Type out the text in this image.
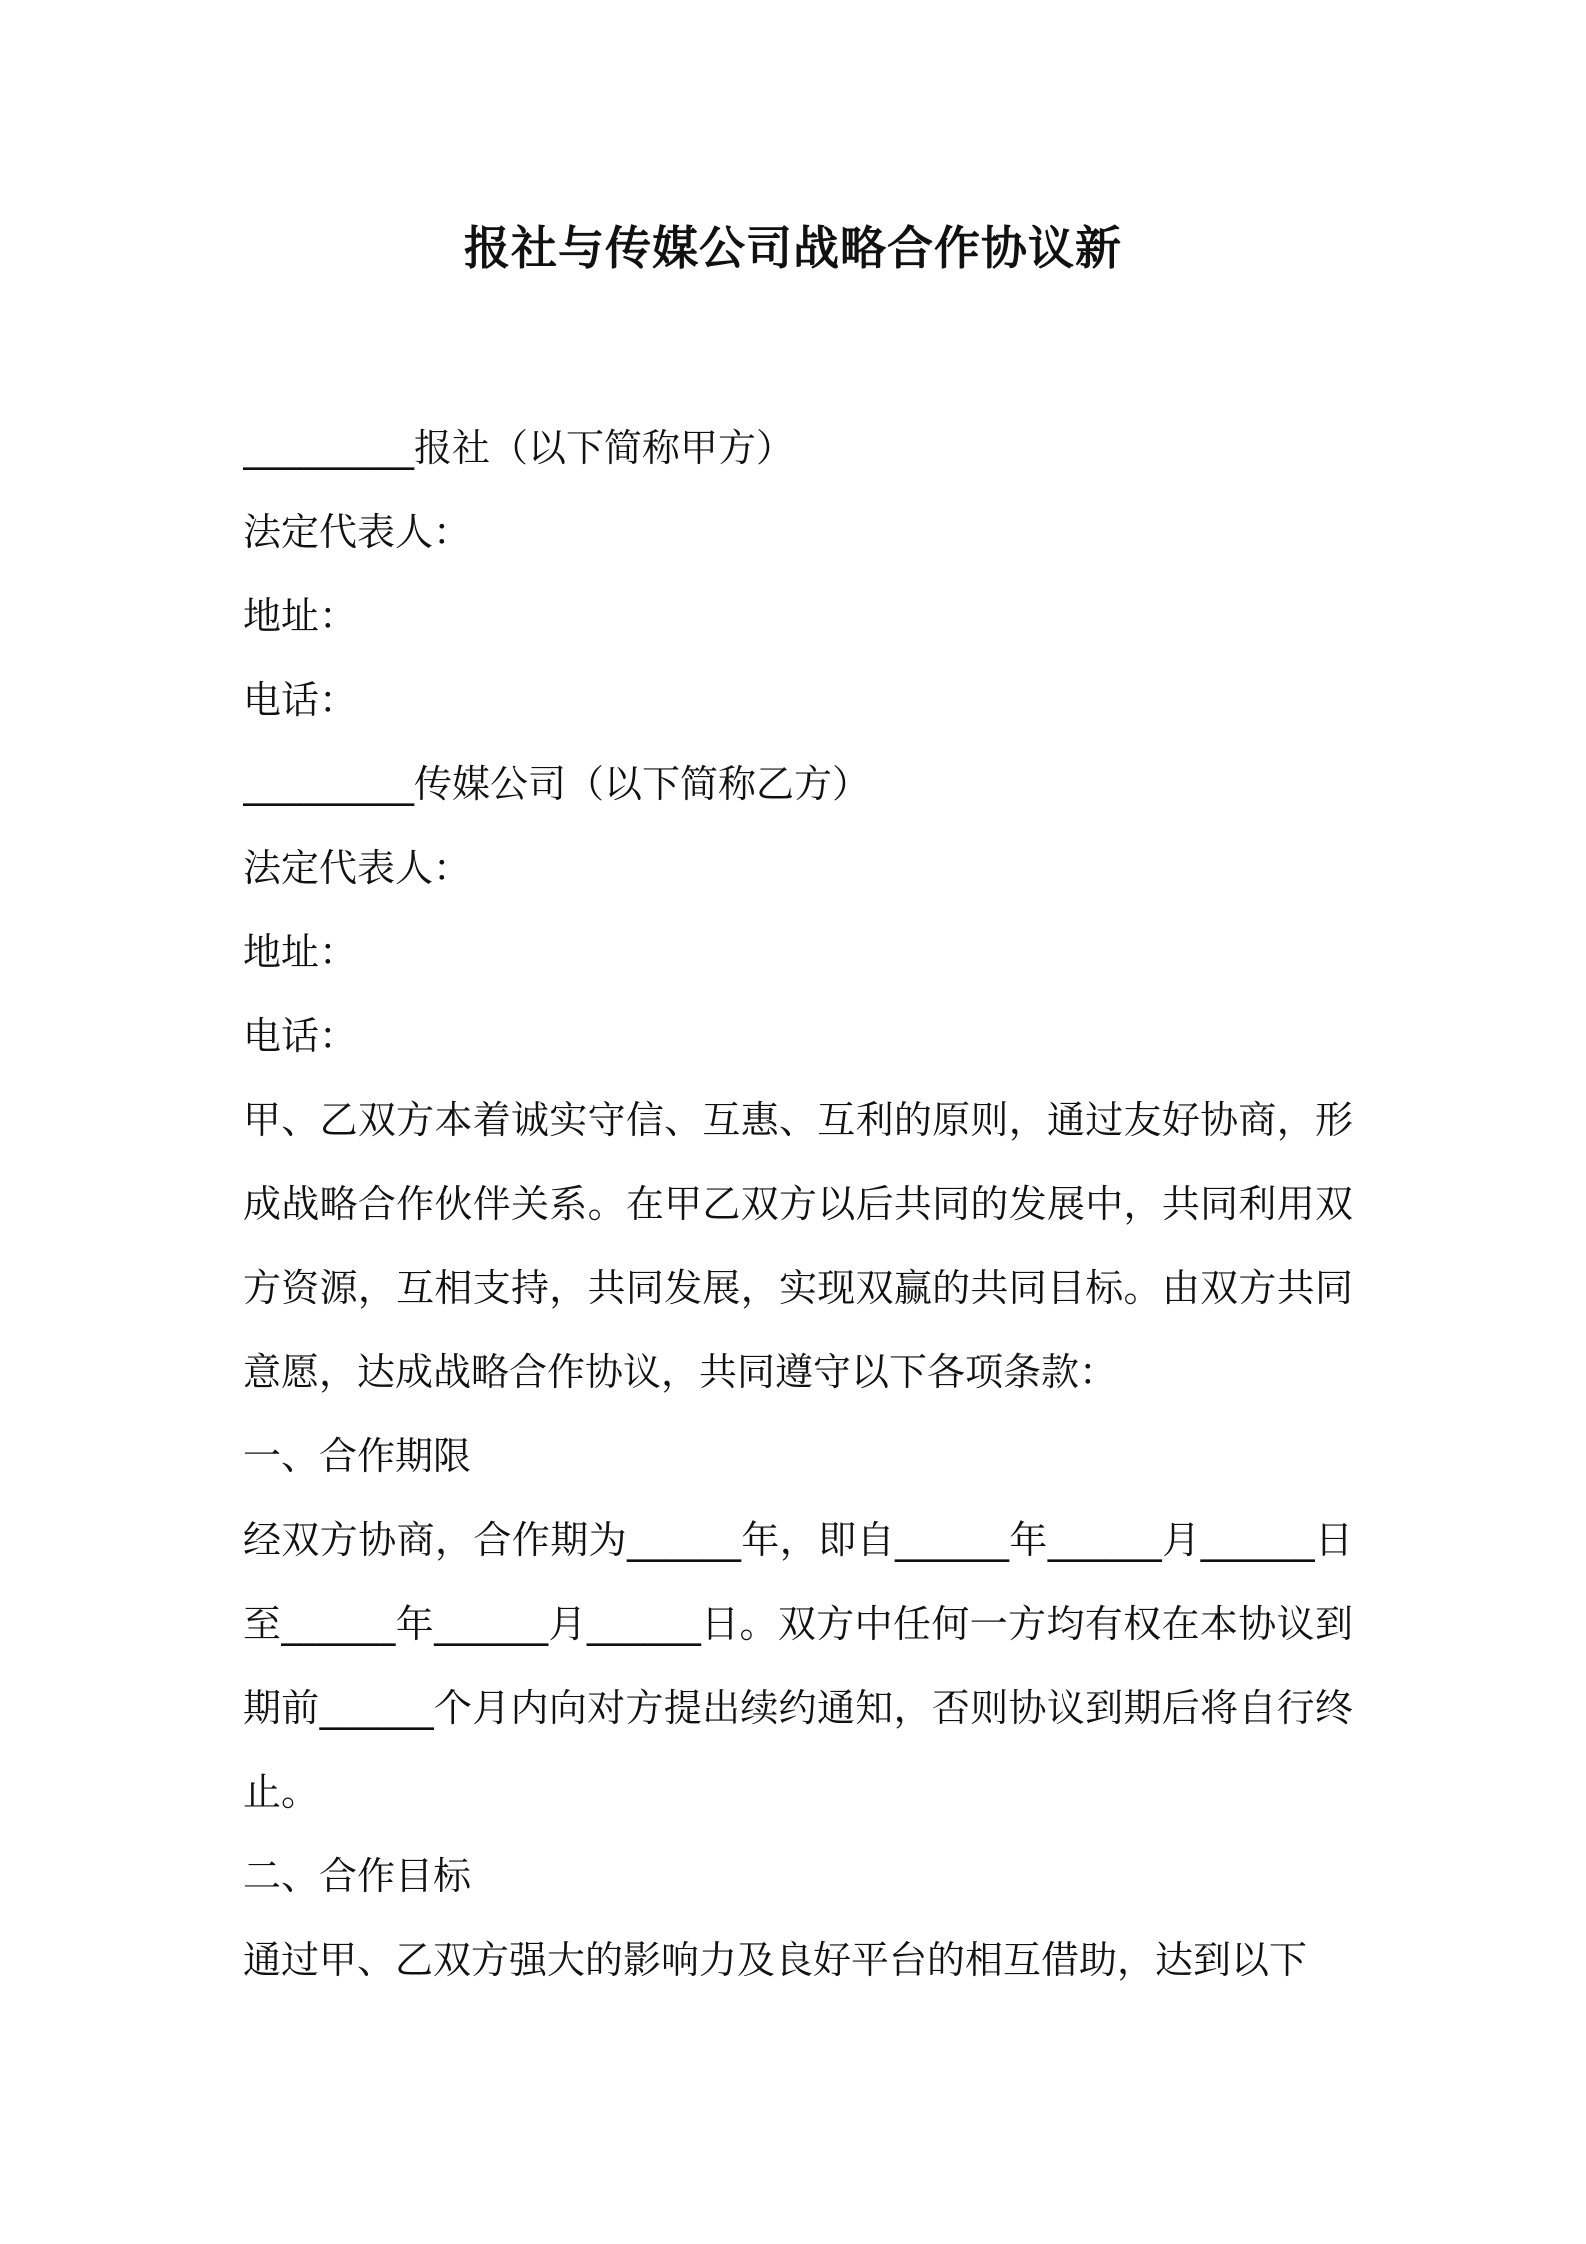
报社与传媒公司战略合作协议新
_________报社（以下简称甲方）
法定代表人：
地址：
电话：
_________传媒公司（以下简称乙方）
法定代表人：
地址：
电话：
甲、乙双方本着诚实守信、互惠、互利的原则，通过友好协商，形成战略合作伙伴关系。在甲乙双方以后共同的发展中，共同利用双方资源，互相支持，共同发展，实现双赢的共同目标。由双方共同意愿，达成战略合作协议，共同遵守以下各项条款：
一、合作期限
经双方协商，合作期为______年，即自______年______月______日至______年______月______日。双方中任何一方均有权在本协议到期前______个月内向对方提出续约通知，否则协议到期后将自行终止。
二、合作目标
通过甲、乙双方强大的影响力及良好平台的相互借助，达到以下
